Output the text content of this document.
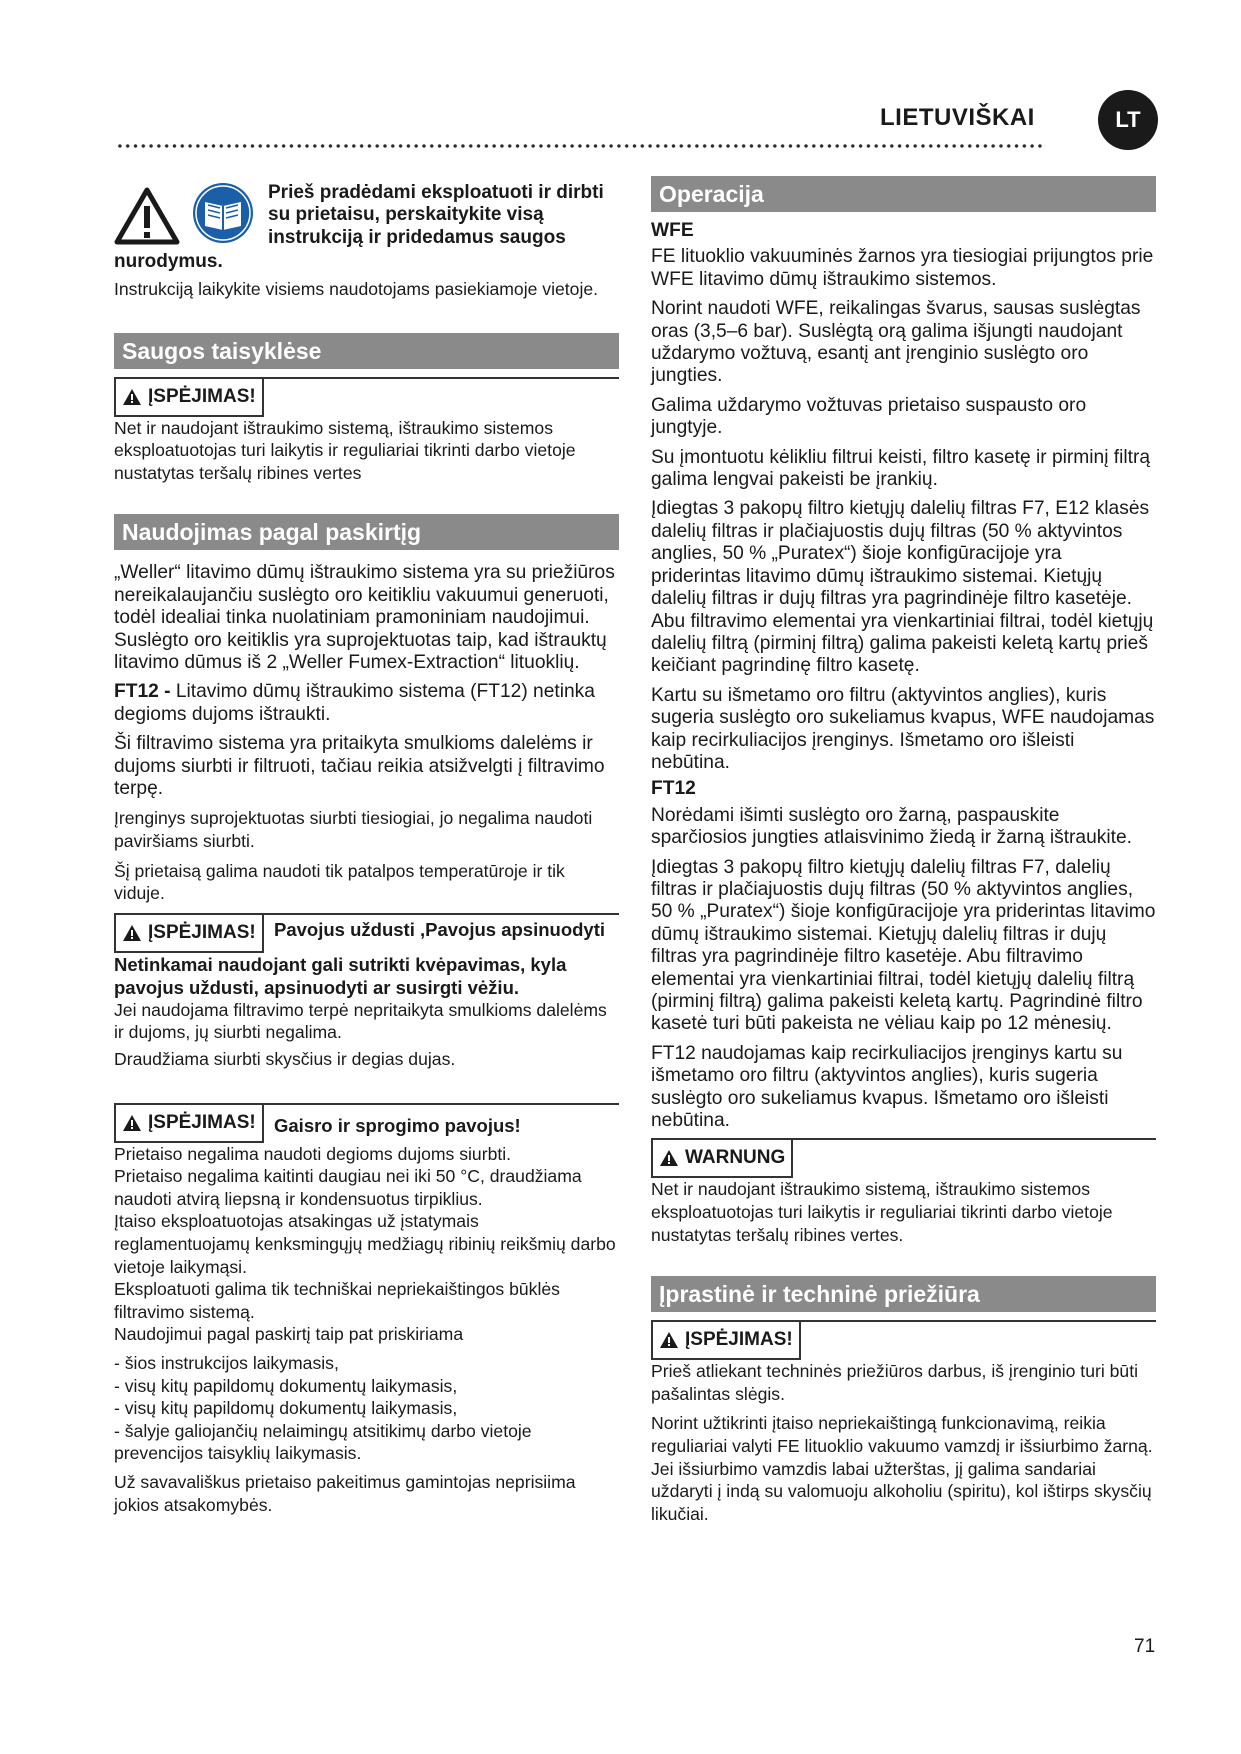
LIETUVIŠKAI	LT

Prieš pradėdami eksploatuoti ir dirbti su prietaisu, perskaitykite visą instrukciją ir pridedamus saugos

nurodymus.

Instrukciją laikykite visiems naudotojams pasiekiamoje vietoje.

Saugos taisyklėse
ĮSPĖJIMAS!

Net ir naudojant ištraukimo sistemą, ištraukimo sistemos eksploatuotojas turi laikytis ir reguliariai tikrinti darbo vietoje nustatytas teršalų ribines vertes

Naudojimas pagal paskirtįg

„Weller“ litavimo dūmų ištraukimo sistema yra su priežiūros nereikalaujančiu suslėgto oro keitikliu vakuumui generuoti, todėl idealiai tinka nuolatiniam pramoniniam naudojimui. Suslėgto oro keitiklis yra suprojektuotas taip, kad ištrauktų litavimo dūmus iš 2 „Weller Fumex-Extraction“ lituoklių.

FT12 - Litavimo dūmų ištraukimo sistema (FT12) netinka degioms dujoms ištraukti.

Ši filtravimo sistema yra pritaikyta smulkioms dalelėms ir dujoms siurbti ir filtruoti, tačiau reikia atsižvelgti į filtravimo terpę.

Įrenginys suprojektuotas siurbti tiesiogiai, jo negalima naudoti paviršiams siurbti.

Šį prietaisą galima naudoti tik patalpos temperatūroje ir tik viduje.

ĮSPĖJIMAS! Pavojus uždusti ,Pavojus apsinuodyti

Netinkamai naudojant gali sutrikti kvėpavimas, kyla pavojus uždusti, apsinuodyti ar susirgti vėžiu.

Jei naudojama filtravimo terpė nepritaikyta smulkioms dalelėms ir dujoms, jų siurbti negalima.

Draudžiama siurbti skysčius ir degias dujas.

ĮSPĖJIMAS! Gaisro ir sprogimo pavojus!

Prietaiso negalima naudoti degioms dujoms siurbti.

Prietaiso negalima kaitinti daugiau nei iki 50 °C, draudžiama naudoti atvirą liepsną ir kondensuotus tirpiklius.

Įtaiso eksploatuotojas atsakingas už įstatymais reglamentuojamų kenksmingųjų medžiagų ribinių reikšmių darbo vietoje laikymąsi.

Eksploatuoti galima tik techniškai nepriekaištingos būklės filtravimo sistemą.

Naudojimui pagal paskirtį taip pat priskiriama

- šios instrukcijos laikymasis,
- visų kitų papildomų dokumentų laikymasis,
- visų kitų papildomų dokumentų laikymasis,
- šalyje galiojančių nelaimingų atsitikimų darbo vietoje prevencijos taisyklių laikymasis.

Už savavališkus prietaiso pakeitimus gamintojas neprisiima jokios atsakomybės.

Operacija

WFE

FE lituoklio vakuuminės žarnos yra tiesiogiai prijungtos prie WFE litavimo dūmų ištraukimo sistemos.

Norint naudoti WFE, reikalingas švarus, sausas suslėgtas oras (3,5–6 bar). Suslėgtą orą galima išjungti naudojant uždarymo vožtuvą, esantį ant įrenginio suslėgto oro jungties.

Galima uždarymo vožtuvas prietaiso suspausto oro jungtyje.

Su įmontuotu kėlikliu filtrui keisti, filtro kasetę ir pirminį filtrą galima lengvai pakeisti be įrankių.

Įdiegtas 3 pakopų filtro kietųjų dalelių filtras F7, E12 klasės dalelių filtras ir plačiajuostis dujų filtras (50 % aktyvintos anglies, 50 % „Puratex“) šioje konfigūracijoje yra priderintas litavimo dūmų ištraukimo sistemai. Kietųjų dalelių filtras ir dujų filtras yra pagrindinėje filtro kasetėje. Abu filtravimo elementai yra vienkartiniai filtrai, todėl kietųjų dalelių filtrą (pirminį filtrą) galima pakeisti keletą kartų prieš keičiant pagrindinę filtro kasetę.

Kartu su išmetamo oro filtru (aktyvintos anglies), kuris sugeria suslėgto oro sukeliamus kvapus, WFE naudojamas kaip recirkuliacijos įrenginys. Išmetamo oro išleisti nebūtina.

FT12

Norėdami išimti suslėgto oro žarną, paspauskite sparčiosios jungties atlaisvinimo žiedą ir žarną ištraukite.

Įdiegtas 3 pakopų filtro kietųjų dalelių filtras F7, dalelių filtras ir plačiajuostis dujų filtras (50 % aktyvintos anglies, 50 % „Puratex“) šioje konfigūracijoje yra priderintas litavimo dūmų ištraukimo sistemai. Kietųjų dalelių filtras ir dujų filtras yra pagrindinėje filtro kasetėje. Abu filtravimo elementai yra vienkartiniai filtrai, todėl kietųjų dalelių filtrą (pirminį filtrą) galima pakeisti keletą kartų. Pagrindinė filtro kasetė turi būti pakeista ne vėliau kaip po 12 mėnesių.

FT12 naudojamas kaip recirkuliacijos įrenginys kartu su išmetamo oro filtru (aktyvintos anglies), kuris sugeria suslėgto oro sukeliamus kvapus. Išmetamo oro išleisti nebūtina.

WARNUNG

Net ir naudojant ištraukimo sistemą, ištraukimo sistemos eksploatuotojas turi laikytis ir reguliariai tikrinti darbo vietoje nustatytas teršalų ribines vertes.

Įprastinė ir techninė priežiūra
ĮSPĖJIMAS!

Prieš atliekant techninės priežiūros darbus, iš įrenginio turi būti pašalintas slėgis.

Norint užtikrinti įtaiso nepriekaištingą funkcionavimą, reikia reguliariai valyti FE lituoklio vakuumo vamzdį ir išsiurbimo žarną. Jei išsiurbimo vamzdis labai užterštas, jį galima sandariai uždaryti į indą su valomuoju alkoholiu (spiritu), kol ištirps skysčių likučiai.

71
